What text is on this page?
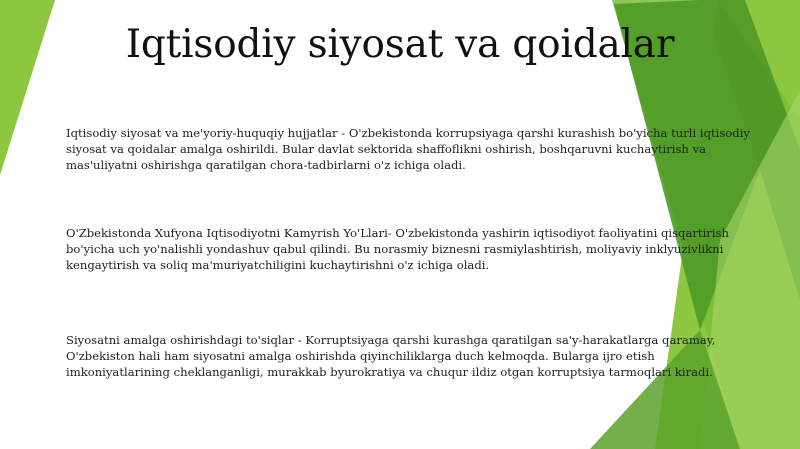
Iqtisodiy siyosat va qoidalar

Iqtisodiy siyosat va me'yoriy-huquqiy hujjatlar - O'zbekistonda korrupsiyaga qarshi kurashish bo'yicha turli iqtisodiy siyosat va qoidalar amalga oshirildi. Bular davlat sektorida shaffoflikni oshirish, boshqaruvni kuchaytirish va mas'uliyatni oshirishga qaratilgan chora-tadbirlarni o'z ichiga oladi.

O'Zbekistonda Xufyona Iqtisodiyotni Kamyrish Yo'Llari- O'zbekistonda yashirin iqtisodiyot faoliyatini qisqartirish bo'yicha uch yo'nalishli yondashuv qabul qilindi. Bu norasmiy biznesni rasmiylashtirish, moliyaviy inklyuzivlikni kengaytirish va soliq ma'muriyatchiligini kuchaytirishni o'z ichiga oladi.

Siyosatni amalga oshirishdagi to'siqlar - Korruptsiyaga qarshi kurashga qaratilgan sa'y-harakatlarga qaramay, O'zbekiston hali ham siyosatni amalga oshirishda qiyinchiliklarga duch kelmoqda. Bularga ijro etish imkoniyatlarining cheklanganligi, murakkab byurokratiya va chuqur ildiz otgan korruptsiya tarmoqlari kiradi.
